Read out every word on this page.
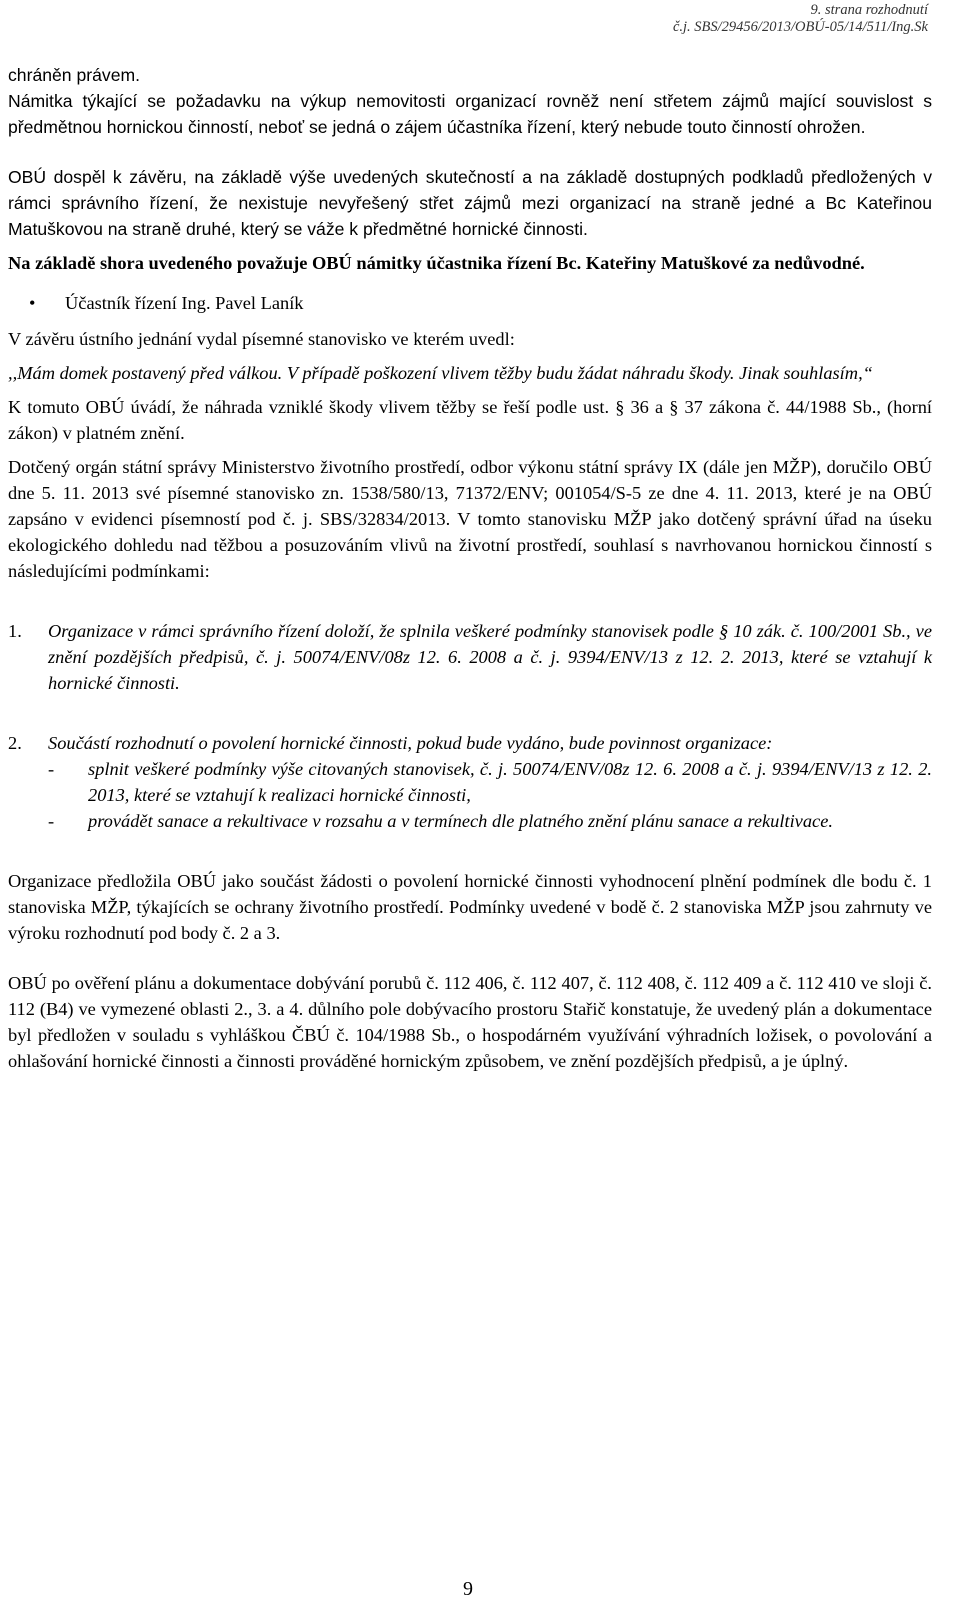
9. strana rozhodnutí
č.j. SBS/29456/2013/OBÚ-05/14/511/Ing.Sk

chráněn právem.

Námitka týkající se požadavku na výkup nemovitosti organizací rovněž není střetem zájmů mající souvislost s předmětnou hornickou činností, neboť se jedná o zájem účastníka řízení, který nebude touto činností ohrožen.

OBÚ dospěl k závěru, na základě výše uvedených skutečností a na základě dostupných podkladů předložených v rámci správního řízení, že nexistuje nevyřešený střet zájmů mezi organizací na straně jedné a Bc Kateřinou Matuškovou na straně druhé, který se váže k předmětné hornické činnosti.

Na základě shora uvedeného považuje OBÚ námitky účastnika řízení Bc. Kateřiny Matuškové za nedůvodné.

• Účastník řízení Ing. Pavel Laník

V závěru ústního jednání vydal písemné stanovisko ve kterém uvedl:

,,Mám domek postavený před válkou. V případě poškození vlivem těžby budu žádat náhradu škody. Jinak souhlasím,“

K tomuto OBÚ úvádí, že náhrada vzniklé škody vlivem těžby se řeší podle ust. § 36 a § 37 zákona č. 44/1988 Sb., (horní zákon) v platném znění.

Dotčený orgán státní správy Ministerstvo životního prostředí, odbor výkonu státní správy IX (dále jen MŽP), doručilo OBÚ dne 5. 11. 2013 své písemné stanovisko zn. 1538/580/13, 71372/ENV; 001054/S-5 ze dne 4. 11. 2013, které je na OBÚ zapsáno v evidenci písemností pod č. j. SBS/32834/2013. V tomto stanovisku MŽP jako dotčený správní úřad na úseku ekologického dohledu nad těžbou a posuzováním vlivů na životní prostředí, souhlasí s navrhovanou hornickou činností s následujícími podmínkami:

1. Organizace v rámci správního řízení doloží, že splnila veškeré podmínky stanovisek podle § 10 zák. č. 100/2001 Sb., ve znění pozdějších předpisů, č. j. 50074/ENV/08z 12. 6. 2008 a č. j. 9394/ENV/13 z 12. 2. 2013, které se vztahují k hornické činnosti.
2. Součástí rozhodnutí o povolení hornické činnosti, pokud bude vydáno, bude povinnost organizace:
- splnit veškeré podmínky výše citovaných stanovisek, č. j. 50074/ENV/08z 12. 6. 2008 a č. j. 9394/ENV/13 z 12. 2. 2013, které se vztahují k realizaci hornické činnosti,
- provádět sanace a rekultivace v rozsahu a v termínech dle platného znění plánu sanace a rekultivace.

Organizace předložila OBÚ jako součást žádosti o povolení hornické činnosti vyhodnocení plnění podmínek dle bodu č. 1 stanoviska MŽP, týkajících se ochrany životního prostředí. Podmínky uvedené v bodě č. 2 stanoviska MŽP jsou zahrnuty ve výroku rozhodnutí pod body č. 2 a 3.

OBÚ po ověření plánu a dokumentace dobývání porubů č. 112 406, č. 112 407, č. 112 408, č. 112 409 a č. 112 410 ve sloji č. 112 (B4) ve vymezené oblasti 2., 3. a 4. důlního pole dobývacího prostoru Stařič konstatuje, že uvedený plán a dokumentace byl předložen v souladu s vyhláškou ČBÚ č. 104/1988 Sb., o hospodárném využívání výhradních ložisek, o povolování a ohlašování hornické činnosti a činnosti prováděné hornickým způsobem, ve znění pozdějších předpisů, a je úplný.

9
